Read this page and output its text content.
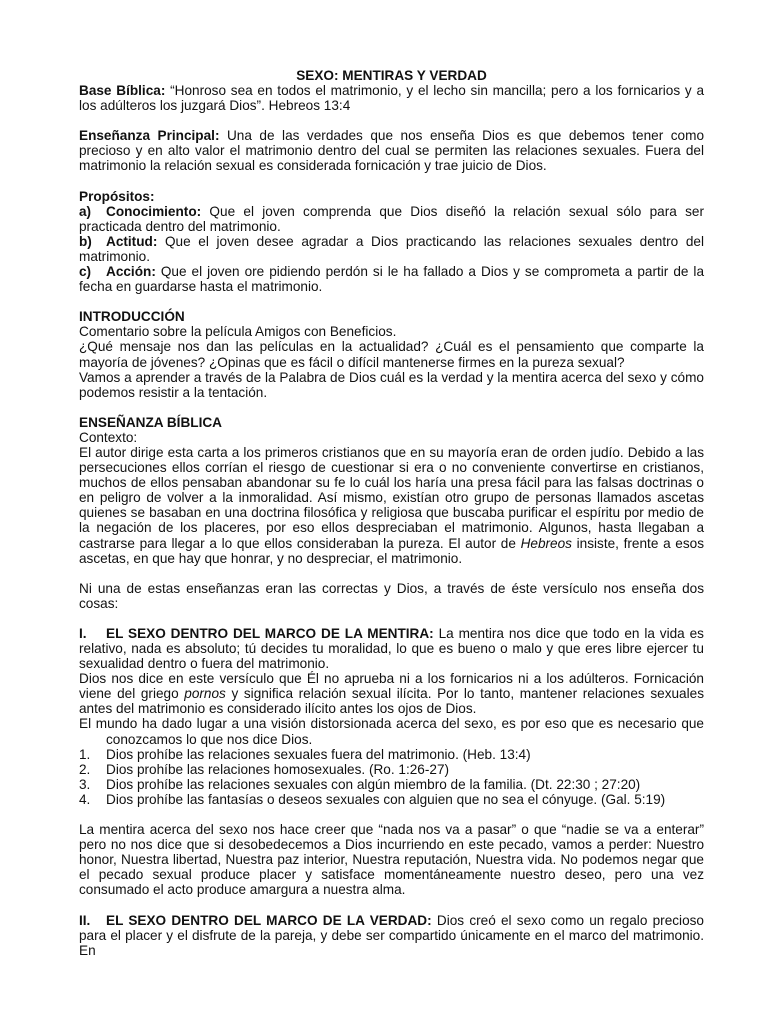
SEXO: MENTIRAS Y VERDAD

Base Bíblica: “Honroso sea en todos el matrimonio, y el lecho sin mancilla; pero a los fornicarios y a los adúlteros los juzgará Dios”. Hebreos 13:4

Enseñanza Principal: Una de las verdades que nos enseña Dios es que debemos tener como precioso y en alto valor el matrimonio dentro del cual se permiten las relaciones sexuales. Fuera del matrimonio la relación sexual es considerada fornicación y trae juicio de Dios.

Propósitos:

a) Conocimiento: Que el joven comprenda que Dios diseñó la relación sexual sólo para ser practicada dentro del matrimonio.

b) Actitud: Que el joven desee agradar a Dios practicando las relaciones sexuales dentro del matrimonio.

c) Acción: Que el joven ore pidiendo perdón si le ha fallado a Dios y se comprometa a partir de la fecha en guardarse hasta el matrimonio.

INTRODUCCIÓN

Comentario sobre la película Amigos con Beneficios.

¿Qué mensaje nos dan las películas en la actualidad? ¿Cuál es el pensamiento que comparte la mayoría de jóvenes? ¿Opinas que es fácil o difícil mantenerse firmes en la pureza sexual?

Vamos a aprender a través de la Palabra de Dios cuál es la verdad y la mentira acerca del sexo y cómo podemos resistir a la tentación.

ENSEÑANZA BÍBLICA

Contexto:

El autor dirige esta carta a los primeros cristianos que en su mayoría eran de orden judío. Debido a las persecuciones ellos corrían el riesgo de cuestionar si era o no conveniente convertirse en cristianos, muchos de ellos pensaban abandonar su fe lo cuál los haría una presa fácil para las falsas doctrinas o en peligro de volver a la inmoralidad. Así mismo, existían otro grupo de personas llamados ascetas quienes se basaban en una doctrina filosófica y religiosa que buscaba purificar el espíritu por medio de la negación de los placeres, por eso ellos despreciaban el matrimonio. Algunos, hasta llegaban a castrarse para llegar a lo que ellos consideraban la pureza. El autor de Hebreos insiste, frente a esos ascetas, en que hay que honrar, y no despreciar, el matrimonio.

Ni una de estas enseñanzas eran las correctas y Dios, a través de éste versículo nos enseña dos cosas:

I. EL SEXO DENTRO DEL MARCO DE LA MENTIRA: La mentira nos dice que todo en la vida es relativo, nada es absoluto; tú decides tu moralidad, lo que es bueno o malo y que eres libre ejercer tu sexualidad dentro o fuera del matrimonio.

Dios nos dice en este versículo que Él no aprueba ni a los fornicarios ni a los adúlteros. Fornicación viene del griego pornos y significa relación sexual ilícita. Por lo tanto, mantener relaciones sexuales antes del matrimonio es considerado ilícito antes los ojos de Dios.

El mundo ha dado lugar a una visión distorsionada acerca del sexo, es por eso que es necesario que conozcamos lo que nos dice Dios.

1.	Dios prohíbe las relaciones sexuales fuera del matrimonio. (Heb. 13:4)
2.	Dios prohíbe las relaciones homosexuales. (Ro. 1:26-27)
3.	Dios prohíbe las relaciones sexuales con algún miembro de la familia. (Dt. 22:30 ; 27:20)
4.	Dios prohíbe las fantasías o deseos sexuales con alguien que no sea el cónyuge. (Gal. 5:19)

La mentira acerca del sexo nos hace creer que “nada nos va a pasar” o que “nadie se va a enterar” pero no nos dice que si desobedecemos a Dios incurriendo en este pecado, vamos a perder: Nuestro honor, Nuestra libertad, Nuestra paz interior, Nuestra reputación, Nuestra vida. No podemos negar que el pecado sexual produce placer y satisface momentáneamente nuestro deseo, pero una vez consumado el acto produce amargura a nuestra alma.

II. EL SEXO DENTRO DEL MARCO DE LA VERDAD: Dios creó el sexo como un regalo precioso para el placer y el disfrute de la pareja, y debe ser compartido únicamente en el marco del matrimonio. En
